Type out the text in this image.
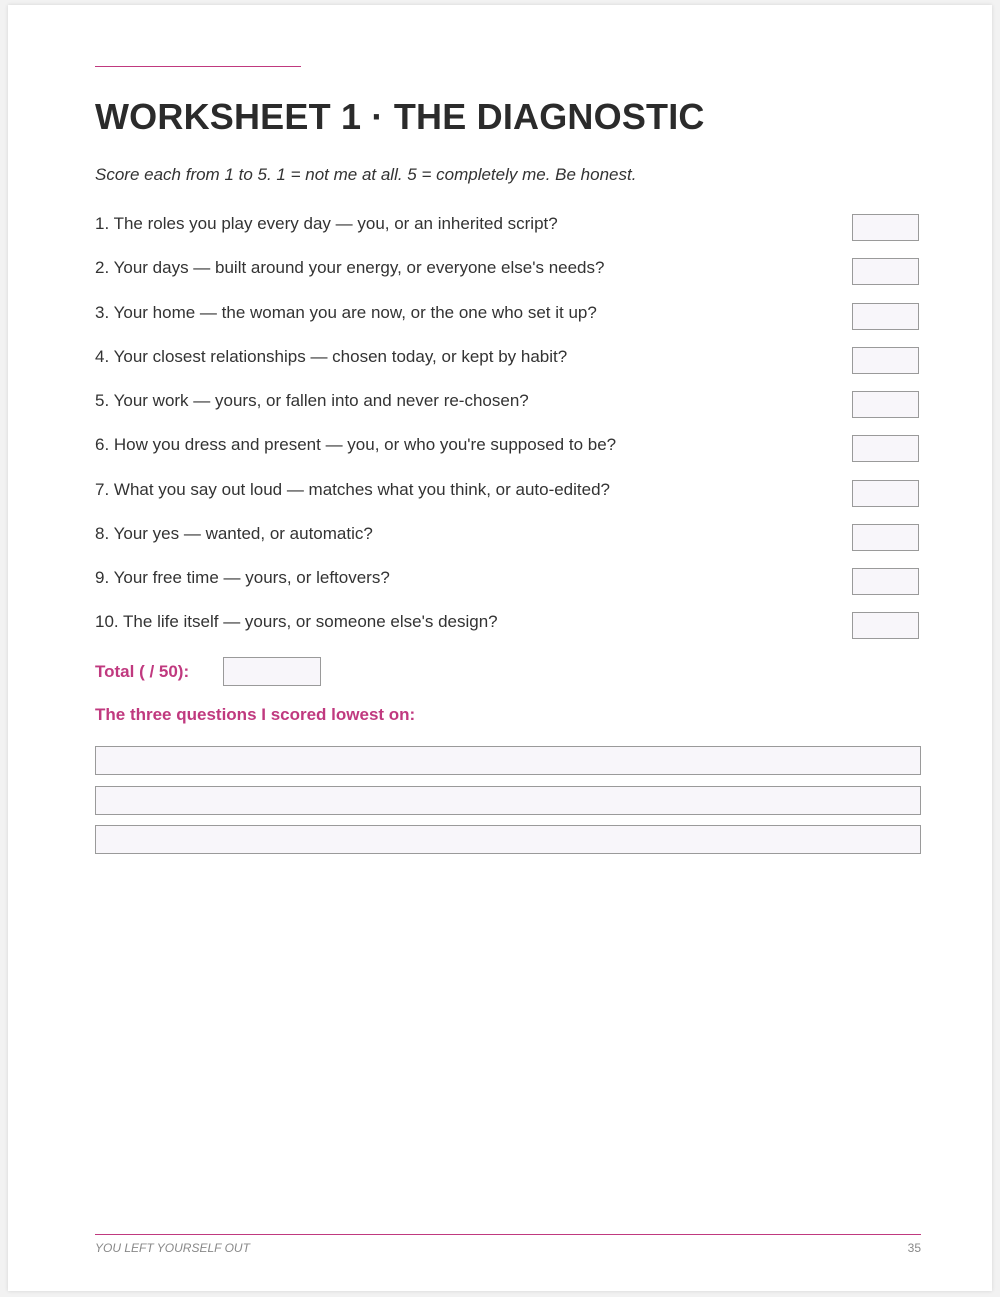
WORKSHEET 1 · THE DIAGNOSTIC
Score each from 1 to 5. 1 = not me at all. 5 = completely me. Be honest.
1. The roles you play every day — you, or an inherited script?
2. Your days — built around your energy, or everyone else's needs?
3. Your home — the woman you are now, or the one who set it up?
4. Your closest relationships — chosen today, or kept by habit?
5. Your work — yours, or fallen into and never re-chosen?
6. How you dress and present — you, or who you're supposed to be?
7. What you say out loud — matches what you think, or auto-edited?
8. Your yes — wanted, or automatic?
9. Your free time — yours, or leftovers?
10. The life itself — yours, or someone else's design?
Total ( / 50):
The three questions I scored lowest on:
YOU LEFT YOURSELF OUT	35
